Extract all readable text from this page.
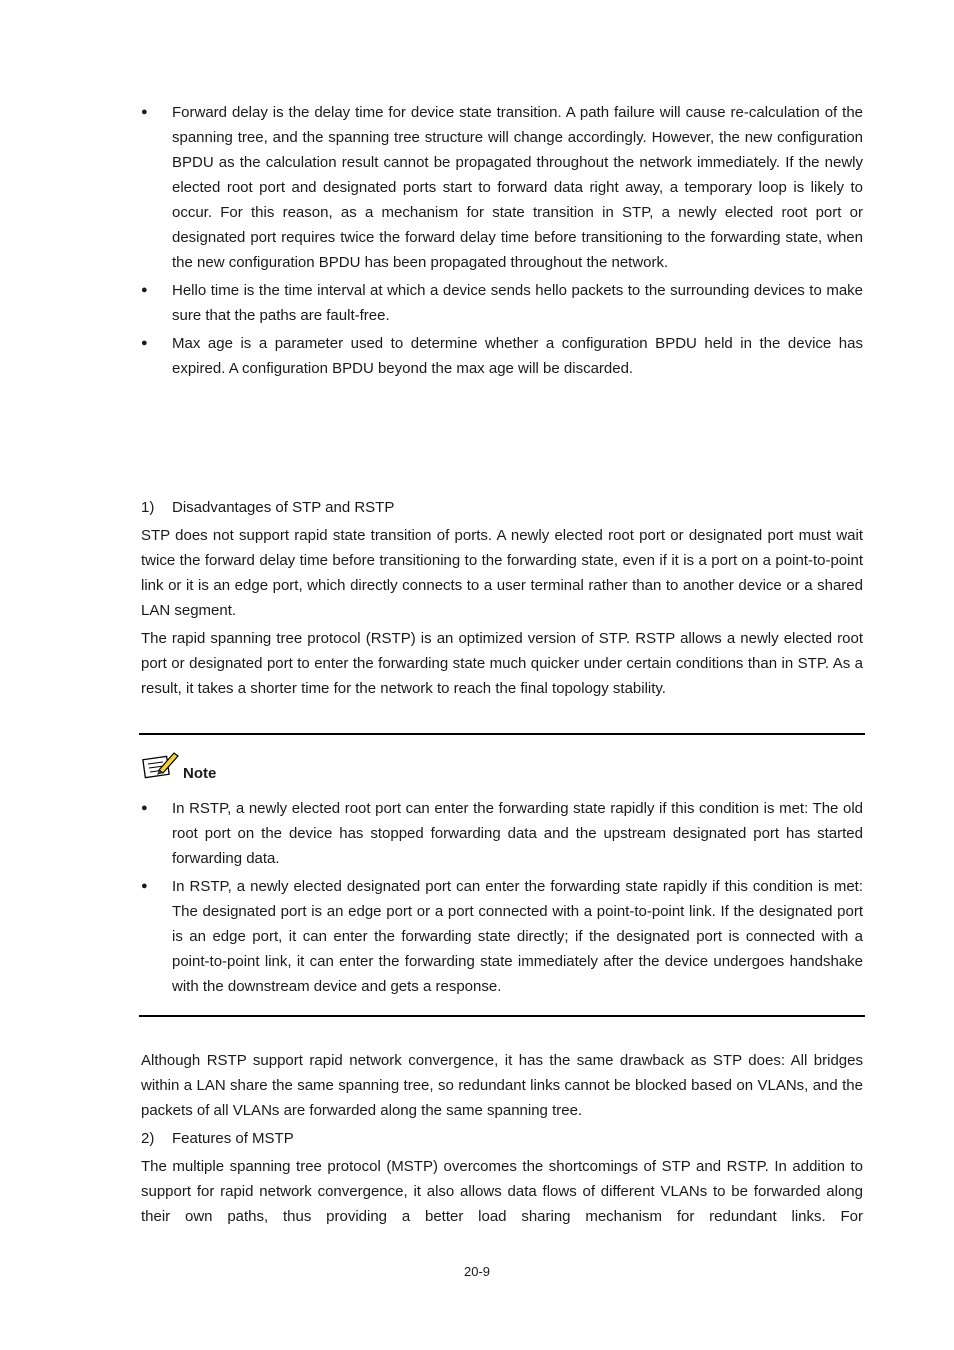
● Forward delay is the delay time for device state transition. A path failure will cause re-calculation of the spanning tree, and the spanning tree structure will change accordingly. However, the new configuration BPDU as the calculation result cannot be propagated throughout the network immediately. If the newly elected root port and designated ports start to forward data right away, a temporary loop is likely to occur. For this reason, as a mechanism for state transition in STP, a newly elected root port or designated port requires twice the forward delay time before transitioning to the forwarding state, when the new configuration BPDU has been propagated throughout the network.
● Hello time is the time interval at which a device sends hello packets to the surrounding devices to make sure that the paths are fault-free.
● Max age is a parameter used to determine whether a configuration BPDU held in the device has expired. A configuration BPDU beyond the max age will be discarded.
1) Disadvantages of STP and RSTP

STP does not support rapid state transition of ports. A newly elected root port or designated port must wait twice the forward delay time before transitioning to the forwarding state, even if it is a port on a point-to-point link or it is an edge port, which directly connects to a user terminal rather than to another device or a shared LAN segment.

The rapid spanning tree protocol (RSTP) is an optimized version of STP. RSTP allows a newly elected root port or designated port to enter the forwarding state much quicker under certain conditions than in STP. As a result, it takes a shorter time for the network to reach the final topology stability.

Note
● In RSTP, a newly elected root port can enter the forwarding state rapidly if this condition is met: The old root port on the device has stopped forwarding data and the upstream designated port has started forwarding data.
● In RSTP, a newly elected designated port can enter the forwarding state rapidly if this condition is met: The designated port is an edge port or a port connected with a point-to-point link. If the designated port is an edge port, it can enter the forwarding state directly; if the designated port is connected with a point-to-point link, it can enter the forwarding state immediately after the device undergoes handshake with the downstream device and gets a response.

Although RSTP support rapid network convergence, it has the same drawback as STP does: All bridges within a LAN share the same spanning tree, so redundant links cannot be blocked based on VLANs, and the packets of all VLANs are forwarded along the same spanning tree.

2) Features of MSTP

The multiple spanning tree protocol (MSTP) overcomes the shortcomings of STP and RSTP. In addition to support for rapid network convergence, it also allows data flows of different VLANs to be forwarded along their own paths, thus providing a better load sharing mechanism for redundant links. For

20-9
